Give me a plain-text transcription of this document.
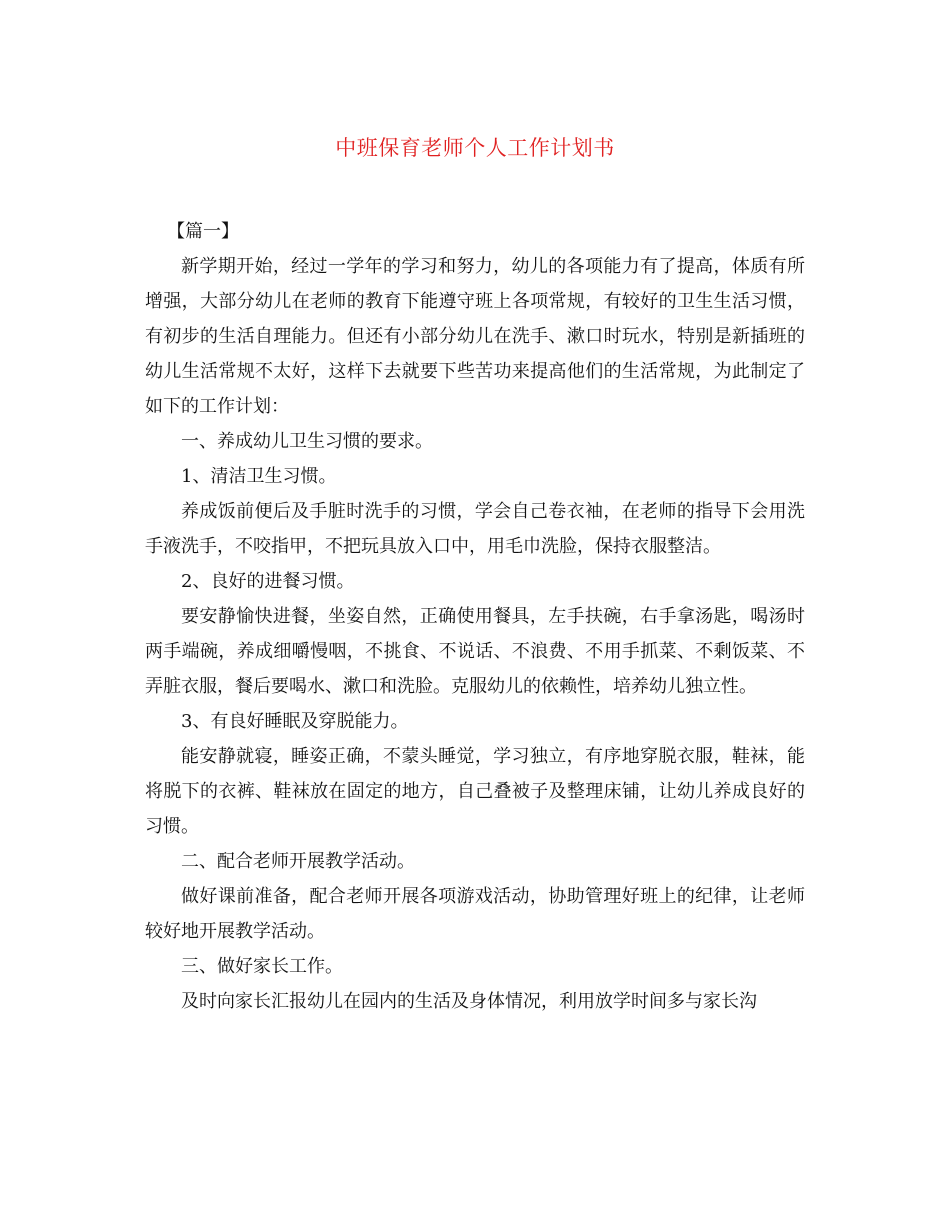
中班保育老师个人工作计划书

【篇一】

新学期开始，经过一学年的学习和努力，幼儿的各项能力有了提高，体质有所增强，大部分幼儿在老师的教育下能遵守班上各项常规，有较好的卫生生活习惯，有初步的生活自理能力。但还有小部分幼儿在洗手、漱口时玩水，特别是新插班的幼儿生活常规不太好，这样下去就要下些苦功来提高他们的生活常规，为此制定了如下的工作计划：

一、养成幼儿卫生习惯的要求。

1、清洁卫生习惯。

养成饭前便后及手脏时洗手的习惯，学会自己卷衣袖，在老师的指导下会用洗手液洗手，不咬指甲，不把玩具放入口中，用毛巾洗脸，保持衣服整洁。

2、良好的进餐习惯。

要安静愉快进餐，坐姿自然，正确使用餐具，左手扶碗，右手拿汤匙，喝汤时两手端碗，养成细嚼慢咽，不挑食、不说话、不浪费、不用手抓菜、不剩饭菜、不弄脏衣服，餐后要喝水、漱口和洗脸。克服幼儿的依赖性，培养幼儿独立性。

3、有良好睡眠及穿脱能力。

能安静就寝，睡姿正确，不蒙头睡觉，学习独立，有序地穿脱衣服，鞋袜，能将脱下的衣裤、鞋袜放在固定的地方，自己叠被子及整理床铺，让幼儿养成良好的习惯。

二、配合老师开展教学活动。

做好课前准备，配合老师开展各项游戏活动，协助管理好班上的纪律，让老师较好地开展教学活动。

三、做好家长工作。

及时向家长汇报幼儿在园内的生活及身体情况，利用放学时间多与家长沟
